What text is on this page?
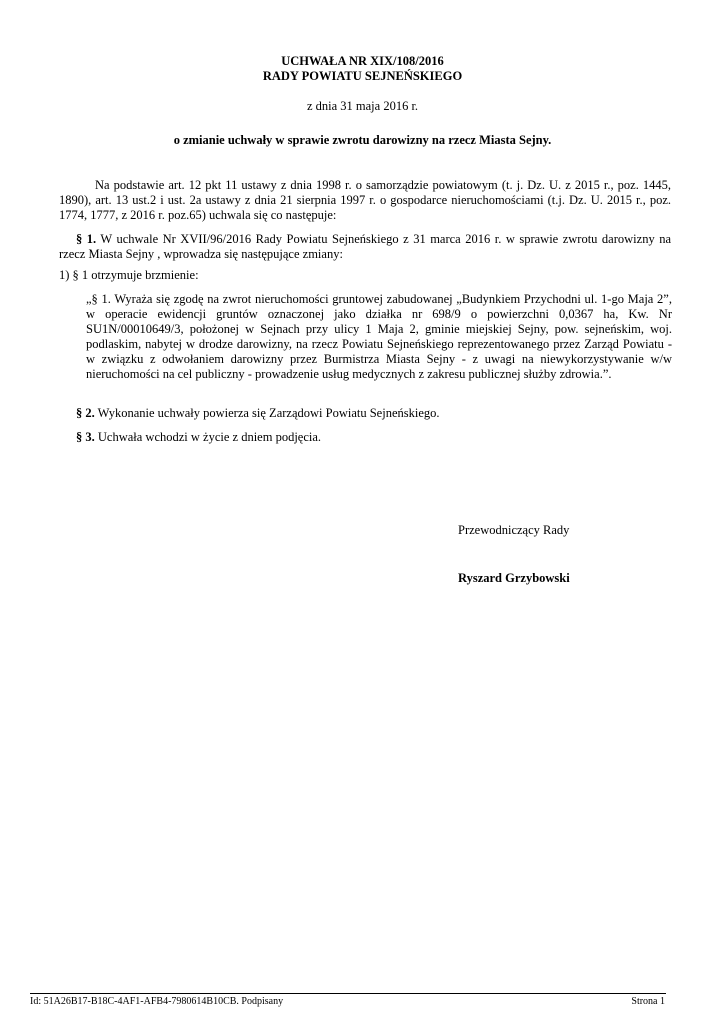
UCHWAŁA NR XIX/108/2016
RADY POWIATU SEJNEŃSKIEGO
z dnia 31 maja 2016 r.
o zmianie uchwały w sprawie zwrotu darowizny na rzecz Miasta Sejny.
Na podstawie art. 12 pkt 11 ustawy z dnia 1998 r. o samorządzie powiatowym (t. j. Dz. U. z 2015 r., poz. 1445, 1890), art. 13 ust.2 i ust. 2a ustawy z dnia 21 sierpnia 1997 r. o gospodarce nieruchomościami (t.j. Dz. U. 2015 r., poz. 1774, 1777, z 2016 r. poz.65) uchwala się co następuje:
§ 1. W uchwale Nr XVII/96/2016 Rady Powiatu Sejneńskiego z 31 marca 2016 r. w sprawie zwrotu darowizny na rzecz Miasta Sejny , wprowadza się następujące zmiany:
1) § 1 otrzymuje brzmienie:
„§ 1. Wyraża się zgodę na zwrot nieruchomości gruntowej zabudowanej „Budynkiem Przychodni ul. 1-go Maja 2”, w operacie ewidencji gruntów oznaczonej jako działka nr 698/9 o powierzchni 0,0367 ha, Kw. Nr SU1N/00010649/3, położonej w Sejnach przy ulicy 1 Maja 2, gminie miejskiej Sejny, pow. sejneńskim, woj. podlaskim, nabytej w drodze darowizny, na rzecz Powiatu Sejneńskiego reprezentowanego przez Zarząd Powiatu - w związku z odwołaniem darowizny przez Burmistrza Miasta Sejny - z uwagi na niewykorzystywanie w/w nieruchomości na cel publiczny - prowadzenie usług medycznych z zakresu publicznej służby zdrowia.”.
§ 2. Wykonanie uchwały powierza się Zarządowi Powiatu Sejneńskiego.
§ 3. Uchwała wchodzi w życie z dniem podjęcia.
Przewodniczący Rady
Ryszard Grzybowski
Id: 51A26B17-B18C-4AF1-AFB4-7980614B10CB. Podpisany	Strona 1
